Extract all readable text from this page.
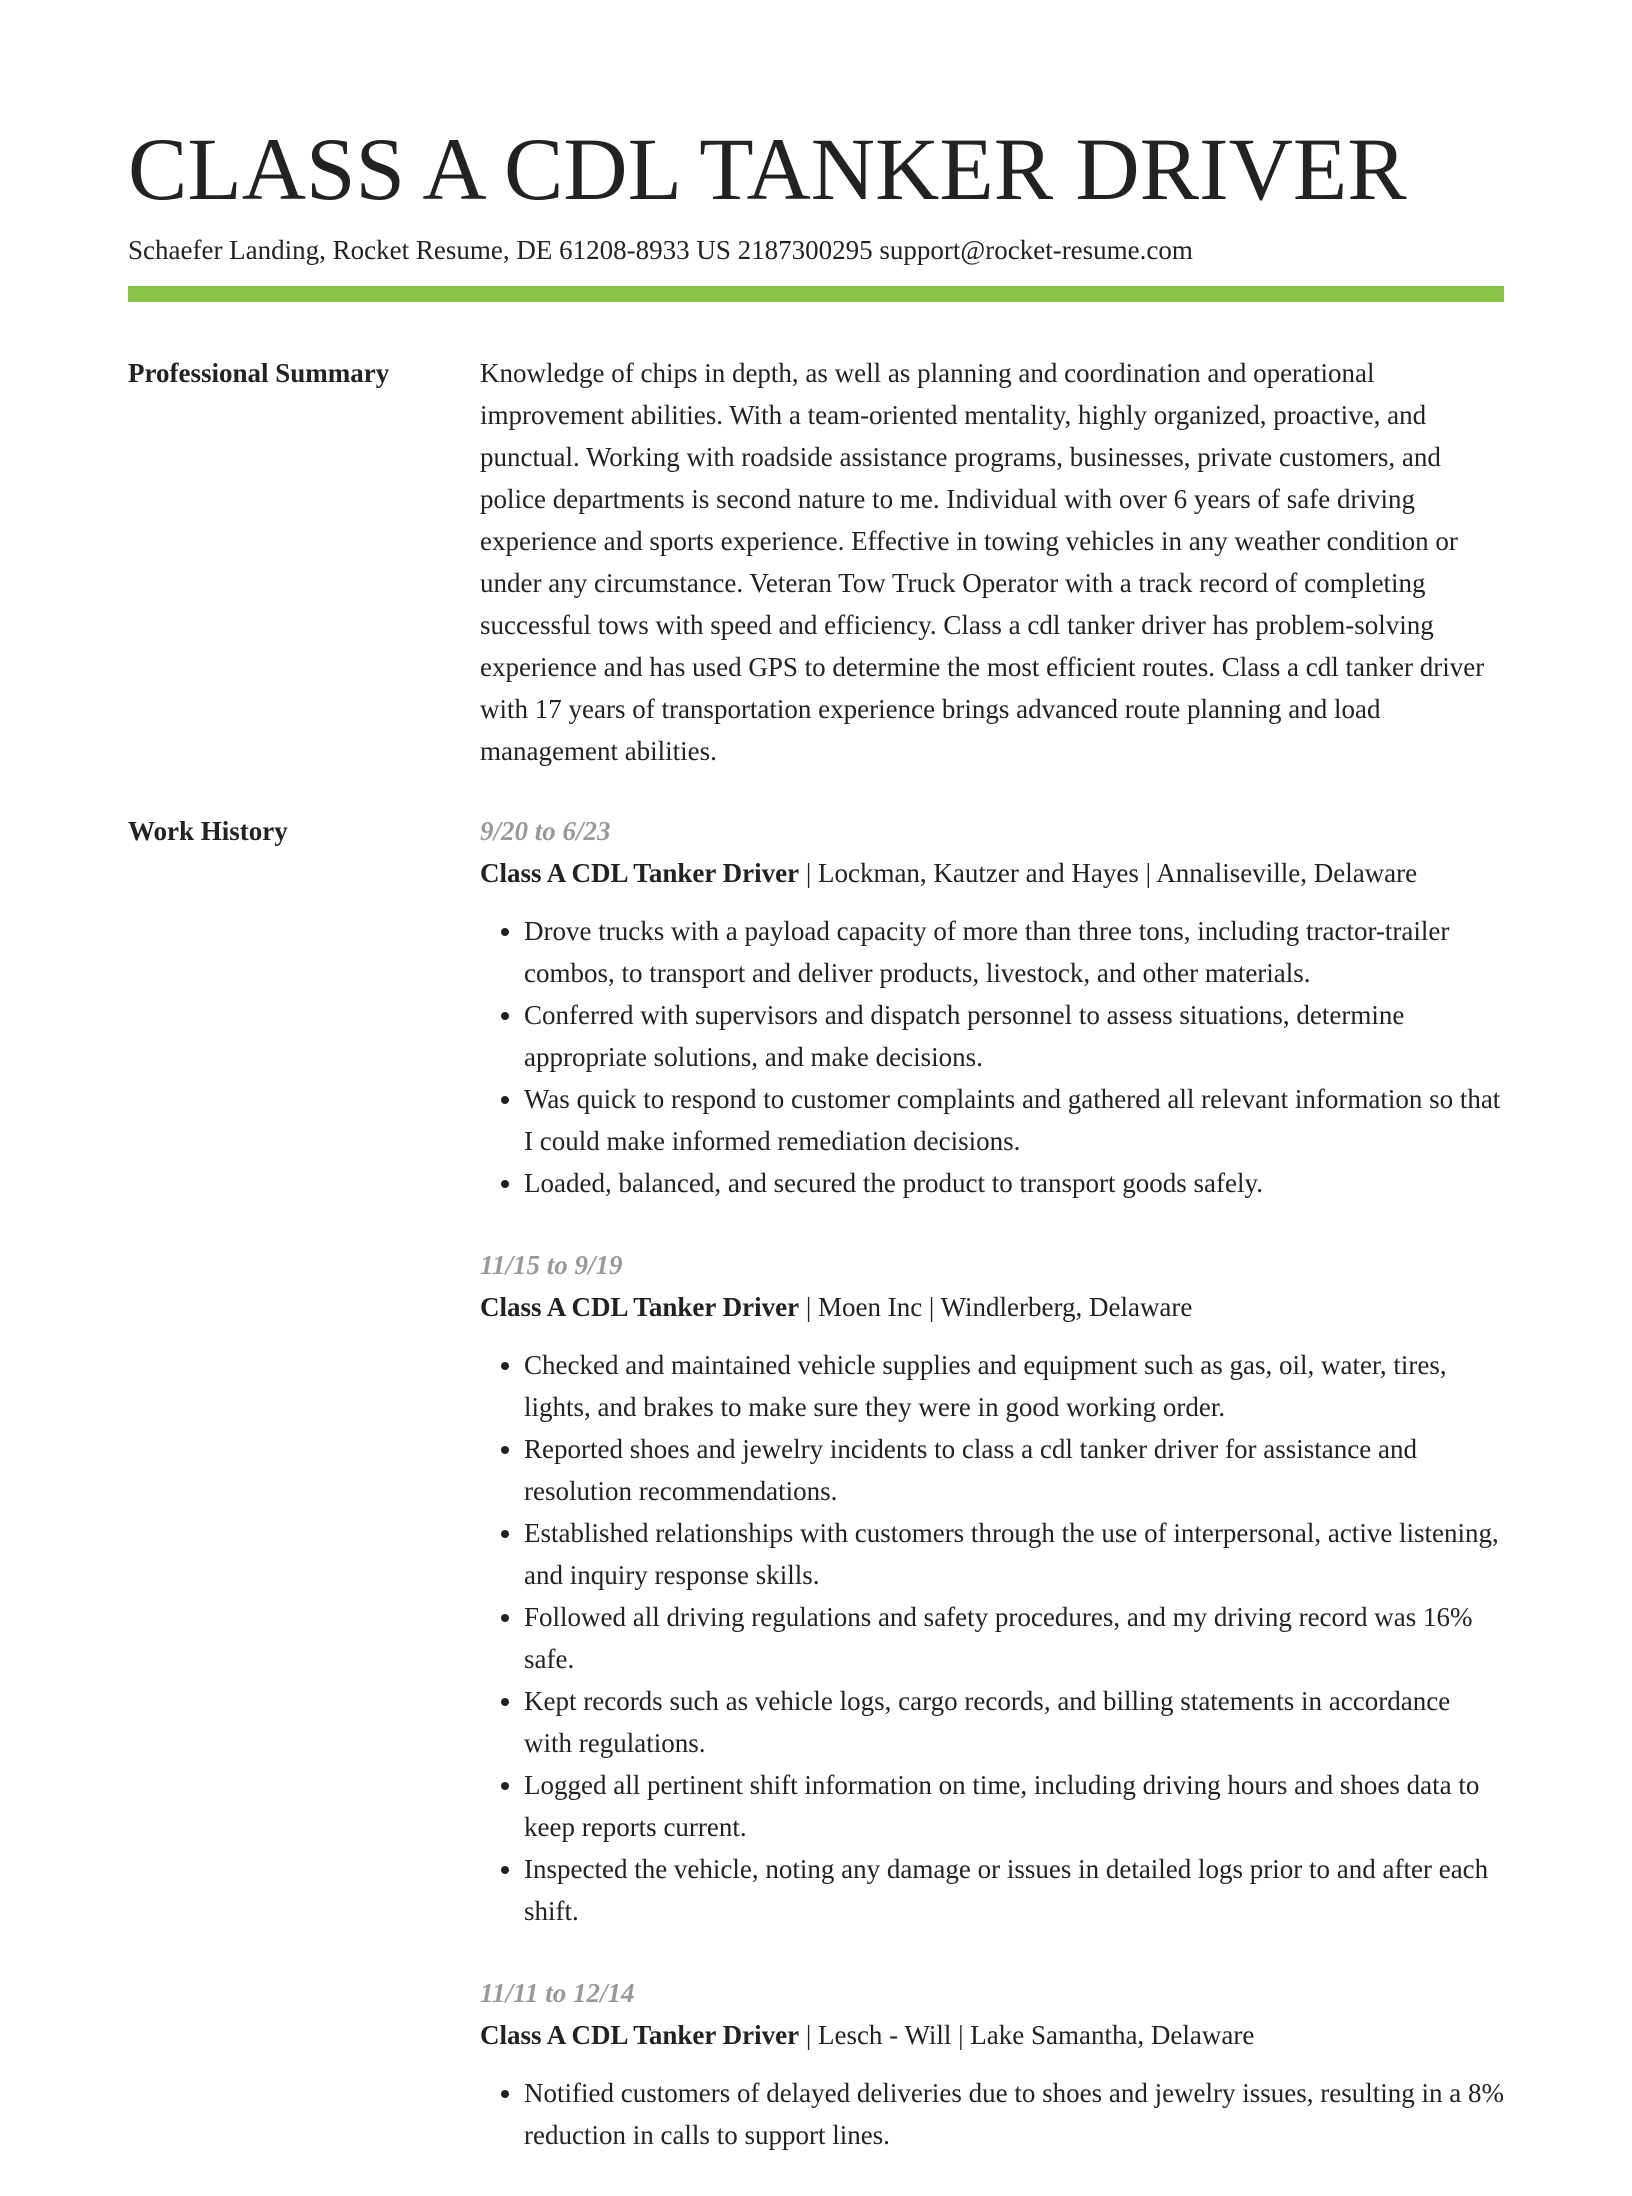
CLASS A CDL TANKER DRIVER
Schaefer Landing, Rocket Resume, DE 61208-8933 US 2187300295 support@rocket-resume.com
Professional Summary	Knowledge of chips in depth, as well as planning and coordination and operational improvement abilities. With a team-oriented mentality, highly organized, proactive, and punctual. Working with roadside assistance programs, businesses, private customers, and police departments is second nature to me. Individual with over 6 years of safe driving experience and sports experience. Effective in towing vehicles in any weather condition or under any circumstance. Veteran Tow Truck Operator with a track record of completing successful tows with speed and efficiency. Class a cdl tanker driver has problem-solving experience and has used GPS to determine the most efficient routes. Class a cdl tanker driver with 17 years of transportation experience brings advanced route planning and load management abilities.

Work History	9/20 to 6/23
Class A CDL Tanker Driver | Lockman, Kautzer and Hayes | Annaliseville, Delaware
• Drove trucks with a payload capacity of more than three tons, including tractor-trailer combos, to transport and deliver products, livestock, and other materials.
• Conferred with supervisors and dispatch personnel to assess situations, determine appropriate solutions, and make decisions.
• Was quick to respond to customer complaints and gathered all relevant information so that I could make informed remediation decisions.
• Loaded, balanced, and secured the product to transport goods safely.
11/15 to 9/19
Class A CDL Tanker Driver | Moen Inc | Windlerberg, Delaware
• Checked and maintained vehicle supplies and equipment such as gas, oil, water, tires, lights, and brakes to make sure they were in good working order.
• Reported shoes and jewelry incidents to class a cdl tanker driver for assistance and resolution recommendations.
• Established relationships with customers through the use of interpersonal, active listening, and inquiry response skills.
• Followed all driving regulations and safety procedures, and my driving record was 16% safe.
• Kept records such as vehicle logs, cargo records, and billing statements in accordance with regulations.
• Logged all pertinent shift information on time, including driving hours and shoes data to keep reports current.
• Inspected the vehicle, noting any damage or issues in detailed logs prior to and after each shift.
11/11 to 12/14
Class A CDL Tanker Driver | Lesch - Will | Lake Samantha, Delaware
• Notified customers of delayed deliveries due to shoes and jewelry issues, resulting in a 8% reduction in calls to support lines.
